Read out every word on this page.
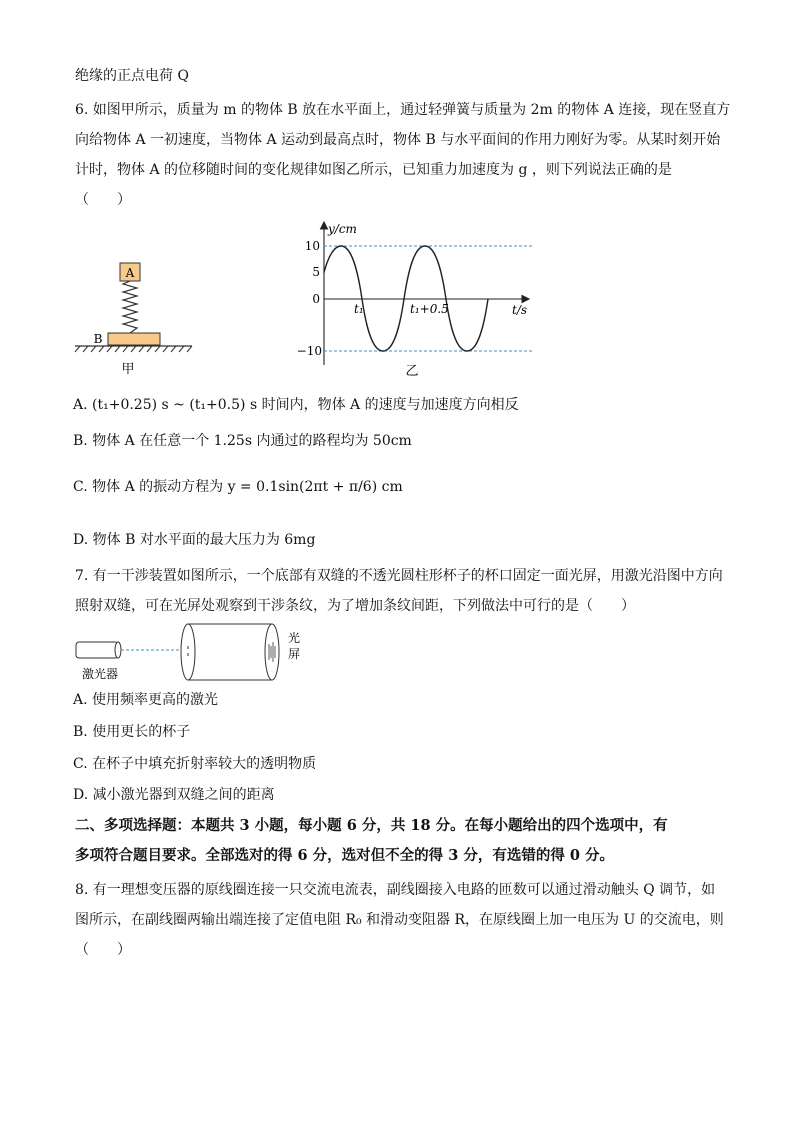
绝缘的正点电荷 Q
6. 如图甲所示，质量为 m 的物体 B 放在水平面上，通过轻弹簧与质量为 2m 的物体 A 连接，现在竖直方
向给物体 A 一初速度，当物体 A 运动到最高点时，物体 B 与水平面间的作用力刚好为零。从某时刻开始
计时，物体 A 的位移随时间的变化规律如图乙所示，已知重力加速度为 g ，则下列说法正确的是
（　　）
A
B
甲
y/cm
10
5
0
−10
t₁	t₁+0.5	t/s
乙
A. (t₁+0.25) s ~ (t₁+0.5) s 时间内，物体 A 的速度与加速度方向相反
B. 物体 A 在任意一个 1.25s 内通过的路程均为 50cm
C. 物体 A 的振动方程为 y = 0.1sin(2πt + π/6) cm
D. 物体 B 对水平面的最大压力为 6mg
7. 有一干涉装置如图所示，一个底部有双缝的不透光圆柱形杯子的杯口固定一面光屏，用激光沿图中方向
照射双缝，可在光屏处观察到干涉条纹，为了增加条纹间距，下列做法中可行的是（　　）
激光器
光
屏
A. 使用频率更高的激光
B. 使用更长的杯子
C. 在杯子中填充折射率较大的透明物质
D. 减小激光器到双缝之间的距离
二、多项选择题：本题共 3 小题，每小题 6 分，共 18 分。在每小题给出的四个选项中，有
多项符合题目要求。全部选对的得 6 分，选对但不全的得 3 分，有选错的得 0 分。
8. 有一理想变压器的原线圈连接一只交流电流表，副线圈接入电路的匝数可以通过滑动触头 Q 调节，如
图所示，在副线圈两输出端连接了定值电阻 R₀ 和滑动变阻器 R，在原线圈上加一电压为 U 的交流电，则
（　　）
